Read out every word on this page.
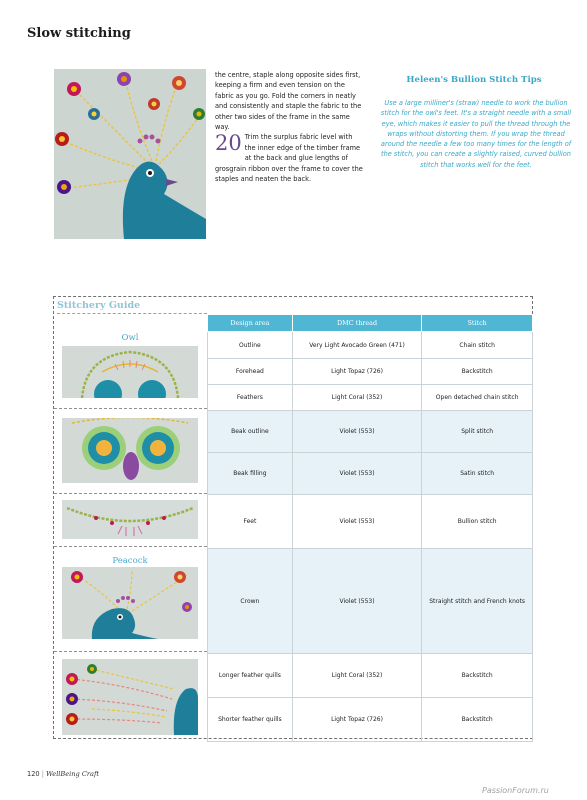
Slow stitching

the centre, staple along opposite sides first, keeping a firm and even tension on the fabric as you go. Fold the corners in neatly and consistently and staple the fabric to the other two sides of the frame in the same way.

20 Trim the surplus fabric level with the inner edge of the timber frame at the back and glue lengths of grosgrain ribbon over the frame to cover the staples and neaten the back.

Heleen's Bullion Stitch Tips
Use a large milliner's (straw) needle to work the bullion stitch for the owl's feet. It's a straight needle with a small eye, which makes it easier to pull the thread through the wraps without distorting them. If you wrap the thread around the needle a few too many times for the length of the stitch, you can create a slightly raised, curved bullion stitch that works well for the feet.
Stitchery Guide
Owl
Peacock
Design area	DMC thread	Stitch
Outline	Very Light Avocado Green (471)	Chain stitch
Forehead	Light Topaz (726)	Backstitch
Feathers	Light Coral (352)	Open detached chain stitch
Beak outline	Violet (553)	Split stitch
Beak filling	Violet (553)	Satin stitch
Feet	Violet (553)	Bullion stitch
Crown	Violet (553)	Straight stitch and French knots
Longer feather quills	Light Coral (352)	Backstitch
Shorter feather quills	Light Topaz (726)	Backstitch
120 | WellBeing Craft
PassionForum.ru
